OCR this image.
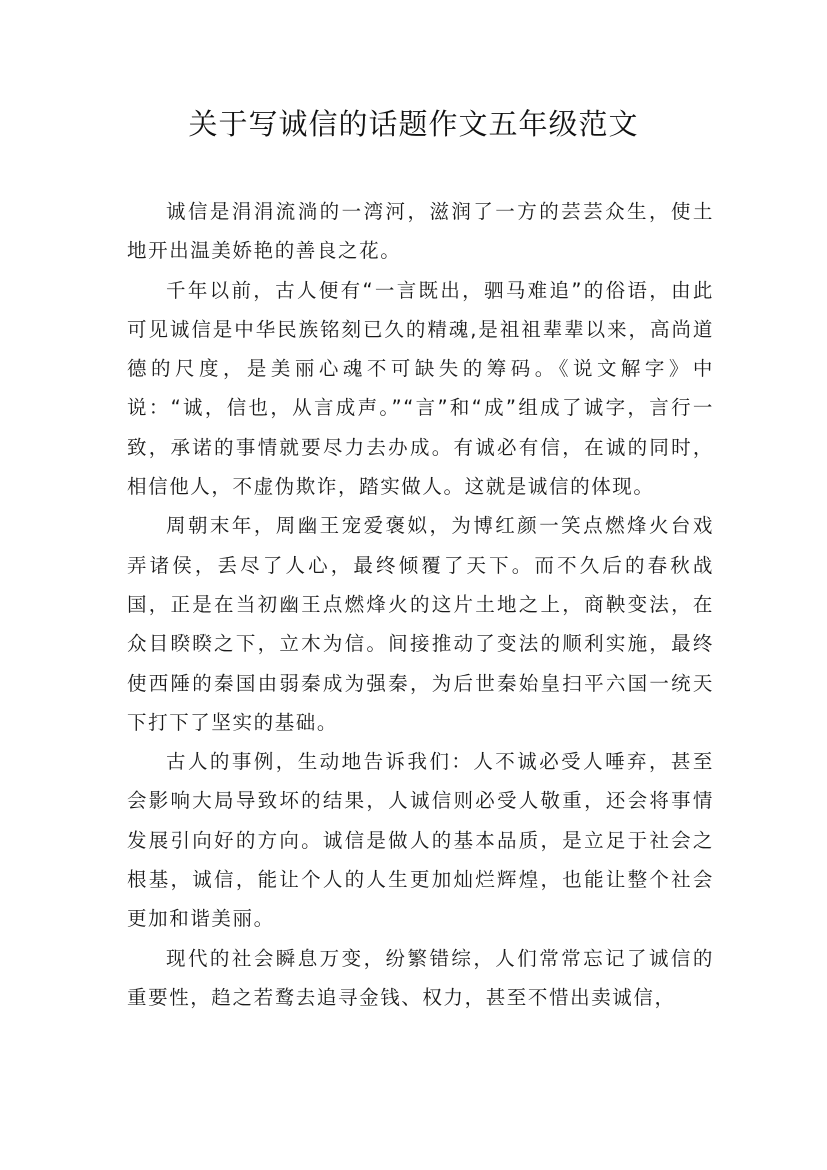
关于写诚信的话题作文五年级范文

诚信是涓涓流淌的一湾河，滋润了一方的芸芸众生，使土地开出温美娇艳的善良之花。

千年以前，古人便有“一言既出，驷马难追”的俗语，由此可见诚信是中华民族铭刻已久的精魂,是祖祖辈辈以来，高尚道德的尺度，是美丽心魂不可缺失的筹码。《说文解字》中说：“诚，信也，从言成声。”“言”和“成”组成了诚字，言行一致，承诺的事情就要尽力去办成。有诚必有信，在诚的同时，相信他人，不虚伪欺诈，踏实做人。这就是诚信的体现。

周朝末年，周幽王宠爱褒姒，为博红颜一笑点燃烽火台戏弄诸侯，丢尽了人心，最终倾覆了天下。而不久后的春秋战国，正是在当初幽王点燃烽火的这片土地之上，商鞅变法，在众目睽睽之下，立木为信。间接推动了变法的顺利实施，最终使西陲的秦国由弱秦成为强秦，为后世秦始皇扫平六国一统天下打下了坚实的基础。

古人的事例，生动地告诉我们：人不诚必受人唾弃，甚至会影响大局导致坏的结果，人诚信则必受人敬重，还会将事情发展引向好的方向。诚信是做人的基本品质，是立足于社会之根基，诚信，能让个人的人生更加灿烂辉煌，也能让整个社会更加和谐美丽。

现代的社会瞬息万变，纷繁错综，人们常常忘记了诚信的重要性，趋之若鹜去追寻金钱、权力，甚至不惜出卖诚信，
